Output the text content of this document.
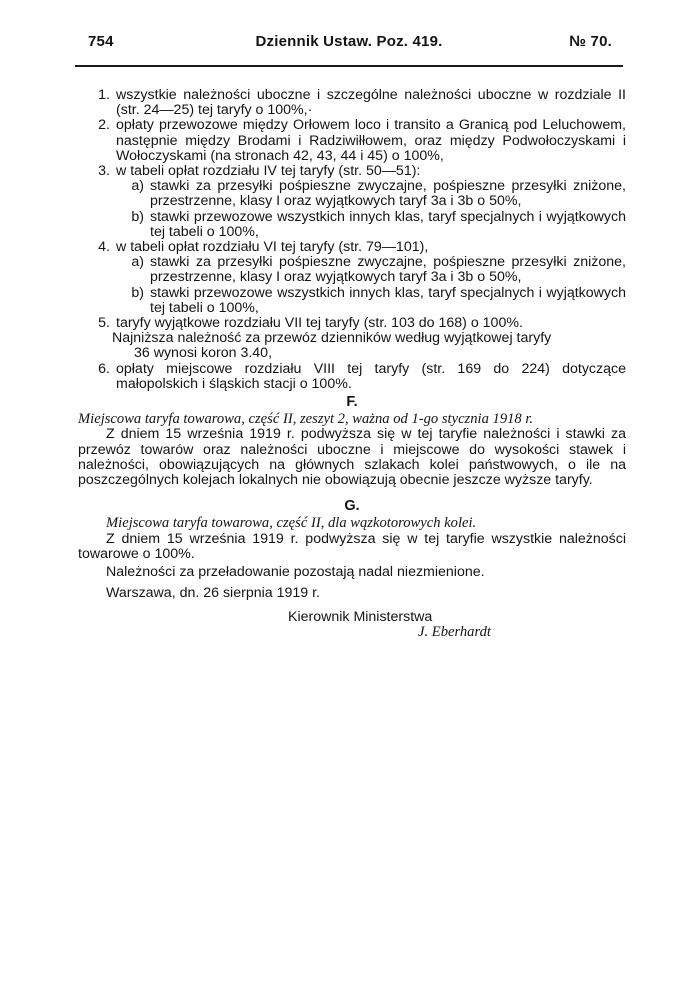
754	Dziennik Ustaw. Poz. 419.	№ 70.
1. wszystkie należności uboczne i szczególne należności uboczne w rozdziale II (str. 24—25) tej taryfy o 100%,·
2. opłaty przewozowe między Orłowem loco i transito a Granicą pod Leluchowem, następnie między Brodami i Radziwiłłowem, oraz między Podwołoczyskami i Wołoczyskami (na stronach 42, 43, 44 i 45) o 100%,
3. w tabeli opłat rozdziału IV tej taryfy (str. 50—51):
a) stawki za przesyłki pośpieszne zwyczajne, pośpieszne przesyłki zniżone, przestrzenne, klasy I oraz wyjątkowych taryf 3a i 3b o 50%,
b) stawki przewozowe wszystkich innych klas, taryf specjalnych i wyjątkowych tej tabeli o 100%,
4. w tabeli opłat rozdziału VI tej taryfy (str. 79—101),
a) stawki za przesyłki pośpieszne zwyczajne, pośpieszne przesyłki zniżone, przestrzenne, klasy I oraz wyjątkowych taryf 3a i 3b o 50%,
b) stawki przewozowe wszystkich innych klas, taryf specjalnych i wyjątkowych tej tabeli o 100%,
5. taryfy wyjątkowe rozdziału VII tej taryfy (str. 103 do 168) o 100%.
Najniższa należność za przewóz dzienników według wyjątkowej taryfy
36 wynosi koron 3.40,
6. opłaty miejscowe rozdziału VIII tej taryfy (str. 169 do 224) dotyczące małopolskich i śląskich stacji o 100%.
F.
Miejscowa taryfa towarowa, część II, zeszyt 2, ważna od 1-go stycznia 1918 r.
Z dniem 15 września 1919 r. podwyższa się w tej taryfie należności i stawki za przewóz towarów oraz należności uboczne i miejscowe do wysokości stawek i należności, obowiązujących na głównych szlakach kolei państwowych, o ile na poszczególnych kolejach lokalnych nie obowiązują obecnie jeszcze wyższe taryfy.
G.
Miejscowa taryfa towarowa, część II, dla wązkotorowych kolei.
Z dniem 15 września 1919 r. podwyższa się w tej taryfie wszystkie należności towarowe o 100%.
Należności za przeładowanie pozostają nadal niezmienione.
Warszawa, dn. 26 sierpnia 1919 r.
Kierownik Ministerstwa
J. Eberhardt
